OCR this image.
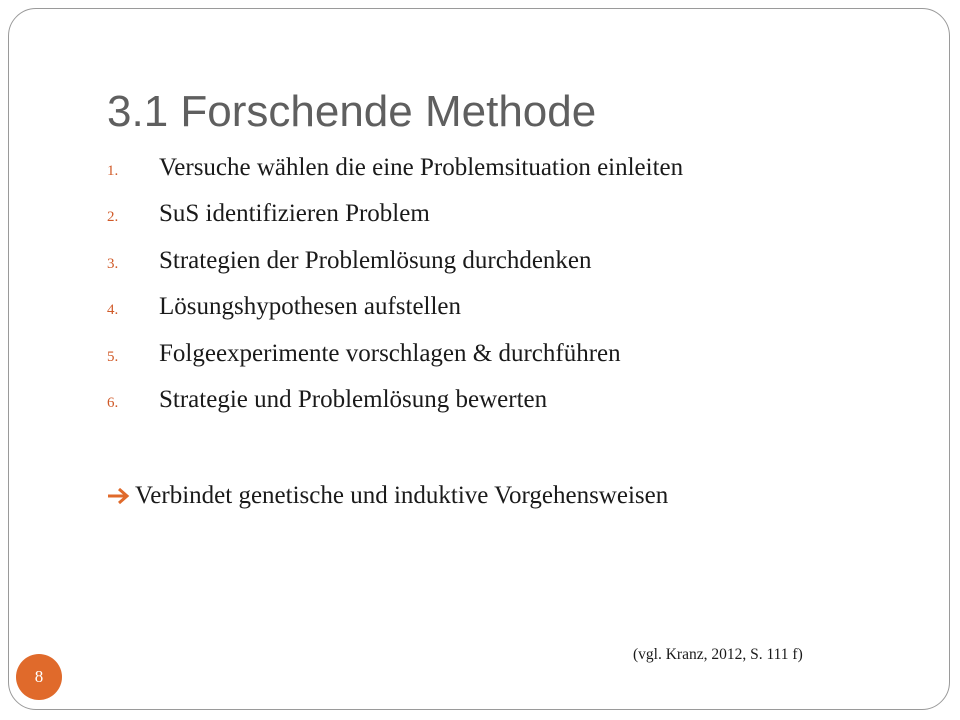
3.1 Forschende Methode
1.	Versuche wählen die eine Problemsituation einleiten
2.	SuS identifizieren Problem
3.	Strategien der Problemlösung durchdenken
4.	Lösungshypothesen aufstellen
5.	Folgeexperimente vorschlagen & durchführen
6.	Strategie und Problemlösung bewerten
Verbindet genetische und induktive Vorgehensweisen
(vgl. Kranz, 2012, S. 111 f)
8
